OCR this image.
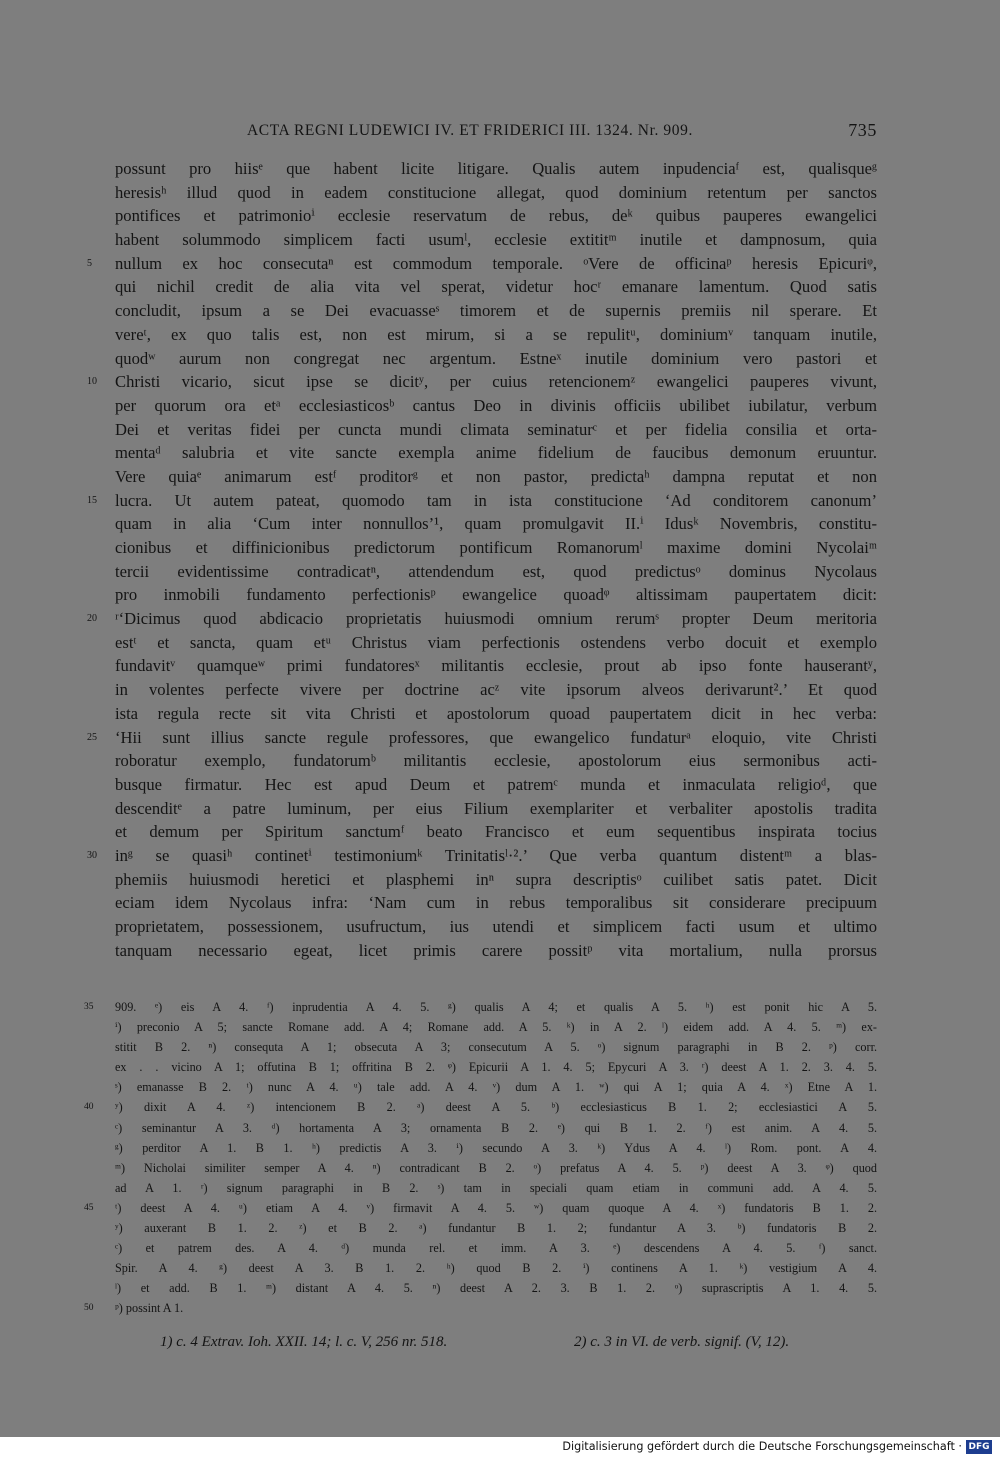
ACTA REGNI LUDEWICI IV. ET FRIDERICI III. 1324. Nr. 909.	735
possunt pro hiisᵉ que habent licite litigare. Qualis autem inpudenciaᶠ est, qualisqueᵍ
heresisʰ illud quod in eadem constitucione allegat, quod dominium retentum per sanctos
pontifices et patrimonioⁱ ecclesie reservatum de rebus, deᵏ quibus pauperes ewangelici
habent solummodo simplicem facti usumˡ, ecclesie extititᵐ inutile et dampnosum, quia
5	nullum ex hoc consecutaⁿ est commodum temporale. ᵒVere de officinaᵖ heresis Epicuriᵠ,
qui nichil credit de alia vita vel sperat, videtur hocʳ emanare lamentum. Quod satis
concludit, ipsum a se Dei evacuasseˢ timorem et de supernis premiis nil sperare. Et
vereᵗ, ex quo talis est, non est mirum, si a se repulitᵘ, dominiumᵛ tanquam inutile,
quodʷ aurum non congregat nec argentum. Estneˣ inutile dominium vero pastori et
10	Christi vicario, sicut ipse se dicitʸ, per cuius retencionemᶻ ewangelici pauperes vivunt,
per quorum ora etᵃ ecclesiasticosᵇ cantus Deo in divinis officiis ubilibet iubilatur, verbum
Dei et veritas fidei per cuncta mundi climata seminaturᶜ et per fidelia consilia et orta-
mentaᵈ salubria et vite sancte exempla anime fidelium de faucibus demonum eruuntur.
Vere quiaᵉ animarum estᶠ proditorᵍ et non pastor, predictaʰ dampna reputat et non
15	lucra. Ut autem pateat, quomodo tam in ista constitucione ‘Ad conditorem canonum’
quam in alia ‘Cum inter nonnullos’¹, quam promulgavit II.ⁱ Idusᵏ Novembris, constitu-
cionibus et diffinicionibus predictorum pontificum Romanorumˡ maxime domini Nycolaiᵐ
tercii evidentissime contradicatⁿ, attendendum est, quod predictusᵒ dominus Nycolaus
pro inmobili fundamento perfectionisᵖ ewangelice quoadᵠ altissimam paupertatem dicit:
20	ʳ‘Dicimus quod abdicacio proprietatis huiusmodi omnium rerumˢ propter Deum meritoria
estᵗ et sancta, quam etᵘ Christus viam perfectionis ostendens verbo docuit et exemplo
fundavitᵛ quamqueʷ primi fundatoresˣ militantis ecclesie, prout ab ipso fonte hauserantʸ,
in volentes perfecte vivere per doctrine acᶻ vite ipsorum alveos derivarunt².’ Et quod
ista regula recte sit vita Christi et apostolorum quoad paupertatem dicit in hec verba:
25	‘Hii sunt illius sancte regule professores, que ewangelico fundaturᵃ eloquio, vite Christi
roboratur exemplo, fundatorumᵇ militantis ecclesie, apostolorum eius sermonibus acti-
busque firmatur. Hec est apud Deum et patremᶜ munda et inmaculata religioᵈ, que
descenditᵉ a patre luminum, per eius Filium exemplariter et verbaliter apostolis tradita
et demum per Spiritum sanctumᶠ beato Francisco et eum sequentibus inspirata tocius
30	inᵍ se quasiʰ continetⁱ testimoniumᵏ Trinitatisˡ·².’ Que verba quantum distentᵐ a blas-
phemiis huiusmodi heretici et plasphemi inⁿ supra descriptisᵒ cuilibet satis patet. Dicit
eciam idem Nycolaus infra: ‘Nam cum in rebus temporalibus sit considerare precipuum
proprietatem, possessionem, usufructum, ius utendi et simplicem facti usum et ultimo
tanquam necessario egeat, licet primis carere possitᵖ vita mortalium, nulla prorsus
35	909. ᵉ) eis A 4. ᶠ) inprudentia A 4. 5. ᵍ) qualis A 4; et qualis A 5. ʰ) est ponit hic A 5.
ⁱ) preconio A 5; sancte Romane add. A 4; Romane add. A 5. ᵏ) in A 2. ˡ) eidem add. A 4. 5. ᵐ) ex-
stitit B 2. ⁿ) consequta A 1; obsecuta A 3; consecutum A 5. ᵒ) signum paragraphi in B 2. ᵖ) corr.
ex . . vicino A 1; offutina B 1; offritina B 2. ᵠ) Epicurii A 1. 4. 5; Epycuri A 3. ʳ) deest A 1. 2. 3. 4. 5.
ˢ) emanasse B 2. ᵗ) nunc A 4. ᵘ) tale add. A 4. ᵛ) dum A 1. ʷ) qui A 1; quia A 4. ˣ) Etne A 1.
40	ʸ) dixit A 4. ᶻ) intencionem B 2. ᵃ) deest A 5. ᵇ) ecclesiasticus B 1. 2; ecclesiastici A 5.
ᶜ) seminantur A 3. ᵈ) hortamenta A 3; ornamenta B 2. ᵉ) qui B 1. 2. ᶠ) est anim. A 4. 5.
ᵍ) perditor A 1. B 1. ʰ) predictis A 3. ⁱ) secundo A 3. ᵏ) Ydus A 4. ˡ) Rom. pont. A 4.
ᵐ) Nicholai similiter semper A 4. ⁿ) contradicant B 2. ᵒ) prefatus A 4. 5. ᵖ) deest A 3. ᵠ) quod
ad A 1. ʳ) signum paragraphi in B 2. ˢ) tam in speciali quam etiam in communi add. A 4. 5.
45	ᵗ) deest A 4. ᵘ) etiam A 4. ᵛ) firmavit A 4. 5. ʷ) quam quoque A 4. ˣ) fundatoris B 1. 2.
ʸ) auxerant B 1. 2. ᶻ) et B 2. ᵃ) fundantur B 1. 2; fundantur A 3. ᵇ) fundatoris B 2.
ᶜ) et patrem des. A 4. ᵈ) munda rel. et imm. A 3. ᵉ) descendens A 4. 5. ᶠ) sanct.
Spir. A 4. ᵍ) deest A 3. B 1. 2. ʰ) quod B 2. ⁱ) continens A 1. ᵏ) vestigium A 4.
ˡ) et add. B 1. ᵐ) distant A 4. 5. ⁿ) deest A 2. 3. B 1. 2. ᵒ) suprascriptis A 1. 4. 5.
50	ᵖ) possint A 1.
1) c. 4 Extrav. Ioh. XXII. 14; l. c. V, 256 nr. 518.	2) c. 3 in VI. de verb. signif. (V, 12).
Digitalisierung gefördert durch die Deutsche Forschungsgemeinschaft · DFG
